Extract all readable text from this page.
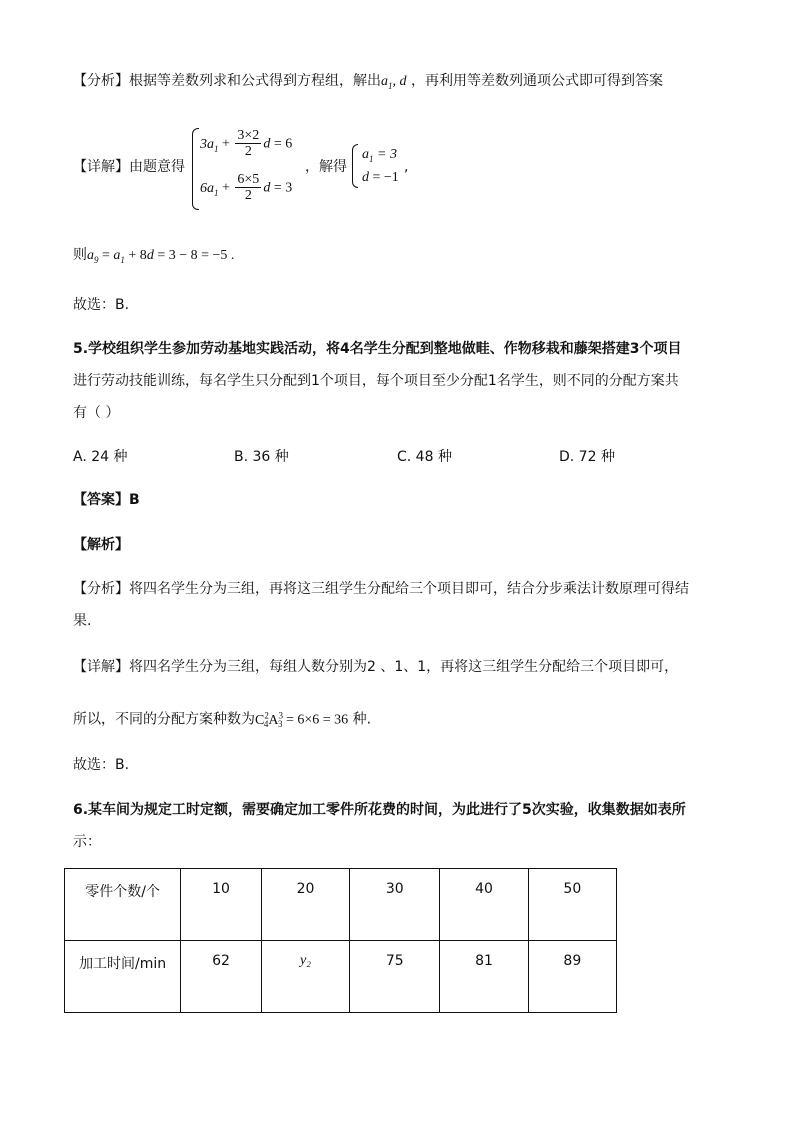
【分析】根据等差数列求和公式得到方程组，解出$a_1$, d ，再利用等差数列通项公式即可得到答案
【详解】由题意得
$3a_1 + \frac{3\times 2}{2}$ d = 6
$6a_1 + \frac{6\times 5}{2}$ d = 3
，解得
$a_1 = 3$
d = −1
,
则$a_9 = a_1 + 8d = 3 - 8 = -5$ .
故选：B.
5.学校组织学生参加劳动基地实践活动，将4名学生分配到整地做畦、作物移栽和藤架搭建3个项目
进行劳动技能训练，每名学生只分配到1个项目，每个项目至少分配1名学生，则不同的分配方案共
有（ ）
A. 24 种	B. 36 种	C. 48 种	D. 72 种
【答案】B
【解析】
【分析】将四名学生分为三组，再将这三组学生分配给三个项目即可，结合分步乘法计数原理可得结
果.
【详解】将四名学生分为三组，每组人数分别为2 、1、1，再将这三组学生分配给三个项目即可，
所以，不同的分配方案种数为$C^2_4A^3_3 = 6\times 6 = 36$ 种.
故选：B.
6.某车间为规定工时定额，需要确定加工零件所花费的时间，为此进行了5次实验，收集数据如表所
示：
零件个数/个	10	20	30	40	50
加工时间/min	62	y₂	75	81	89
